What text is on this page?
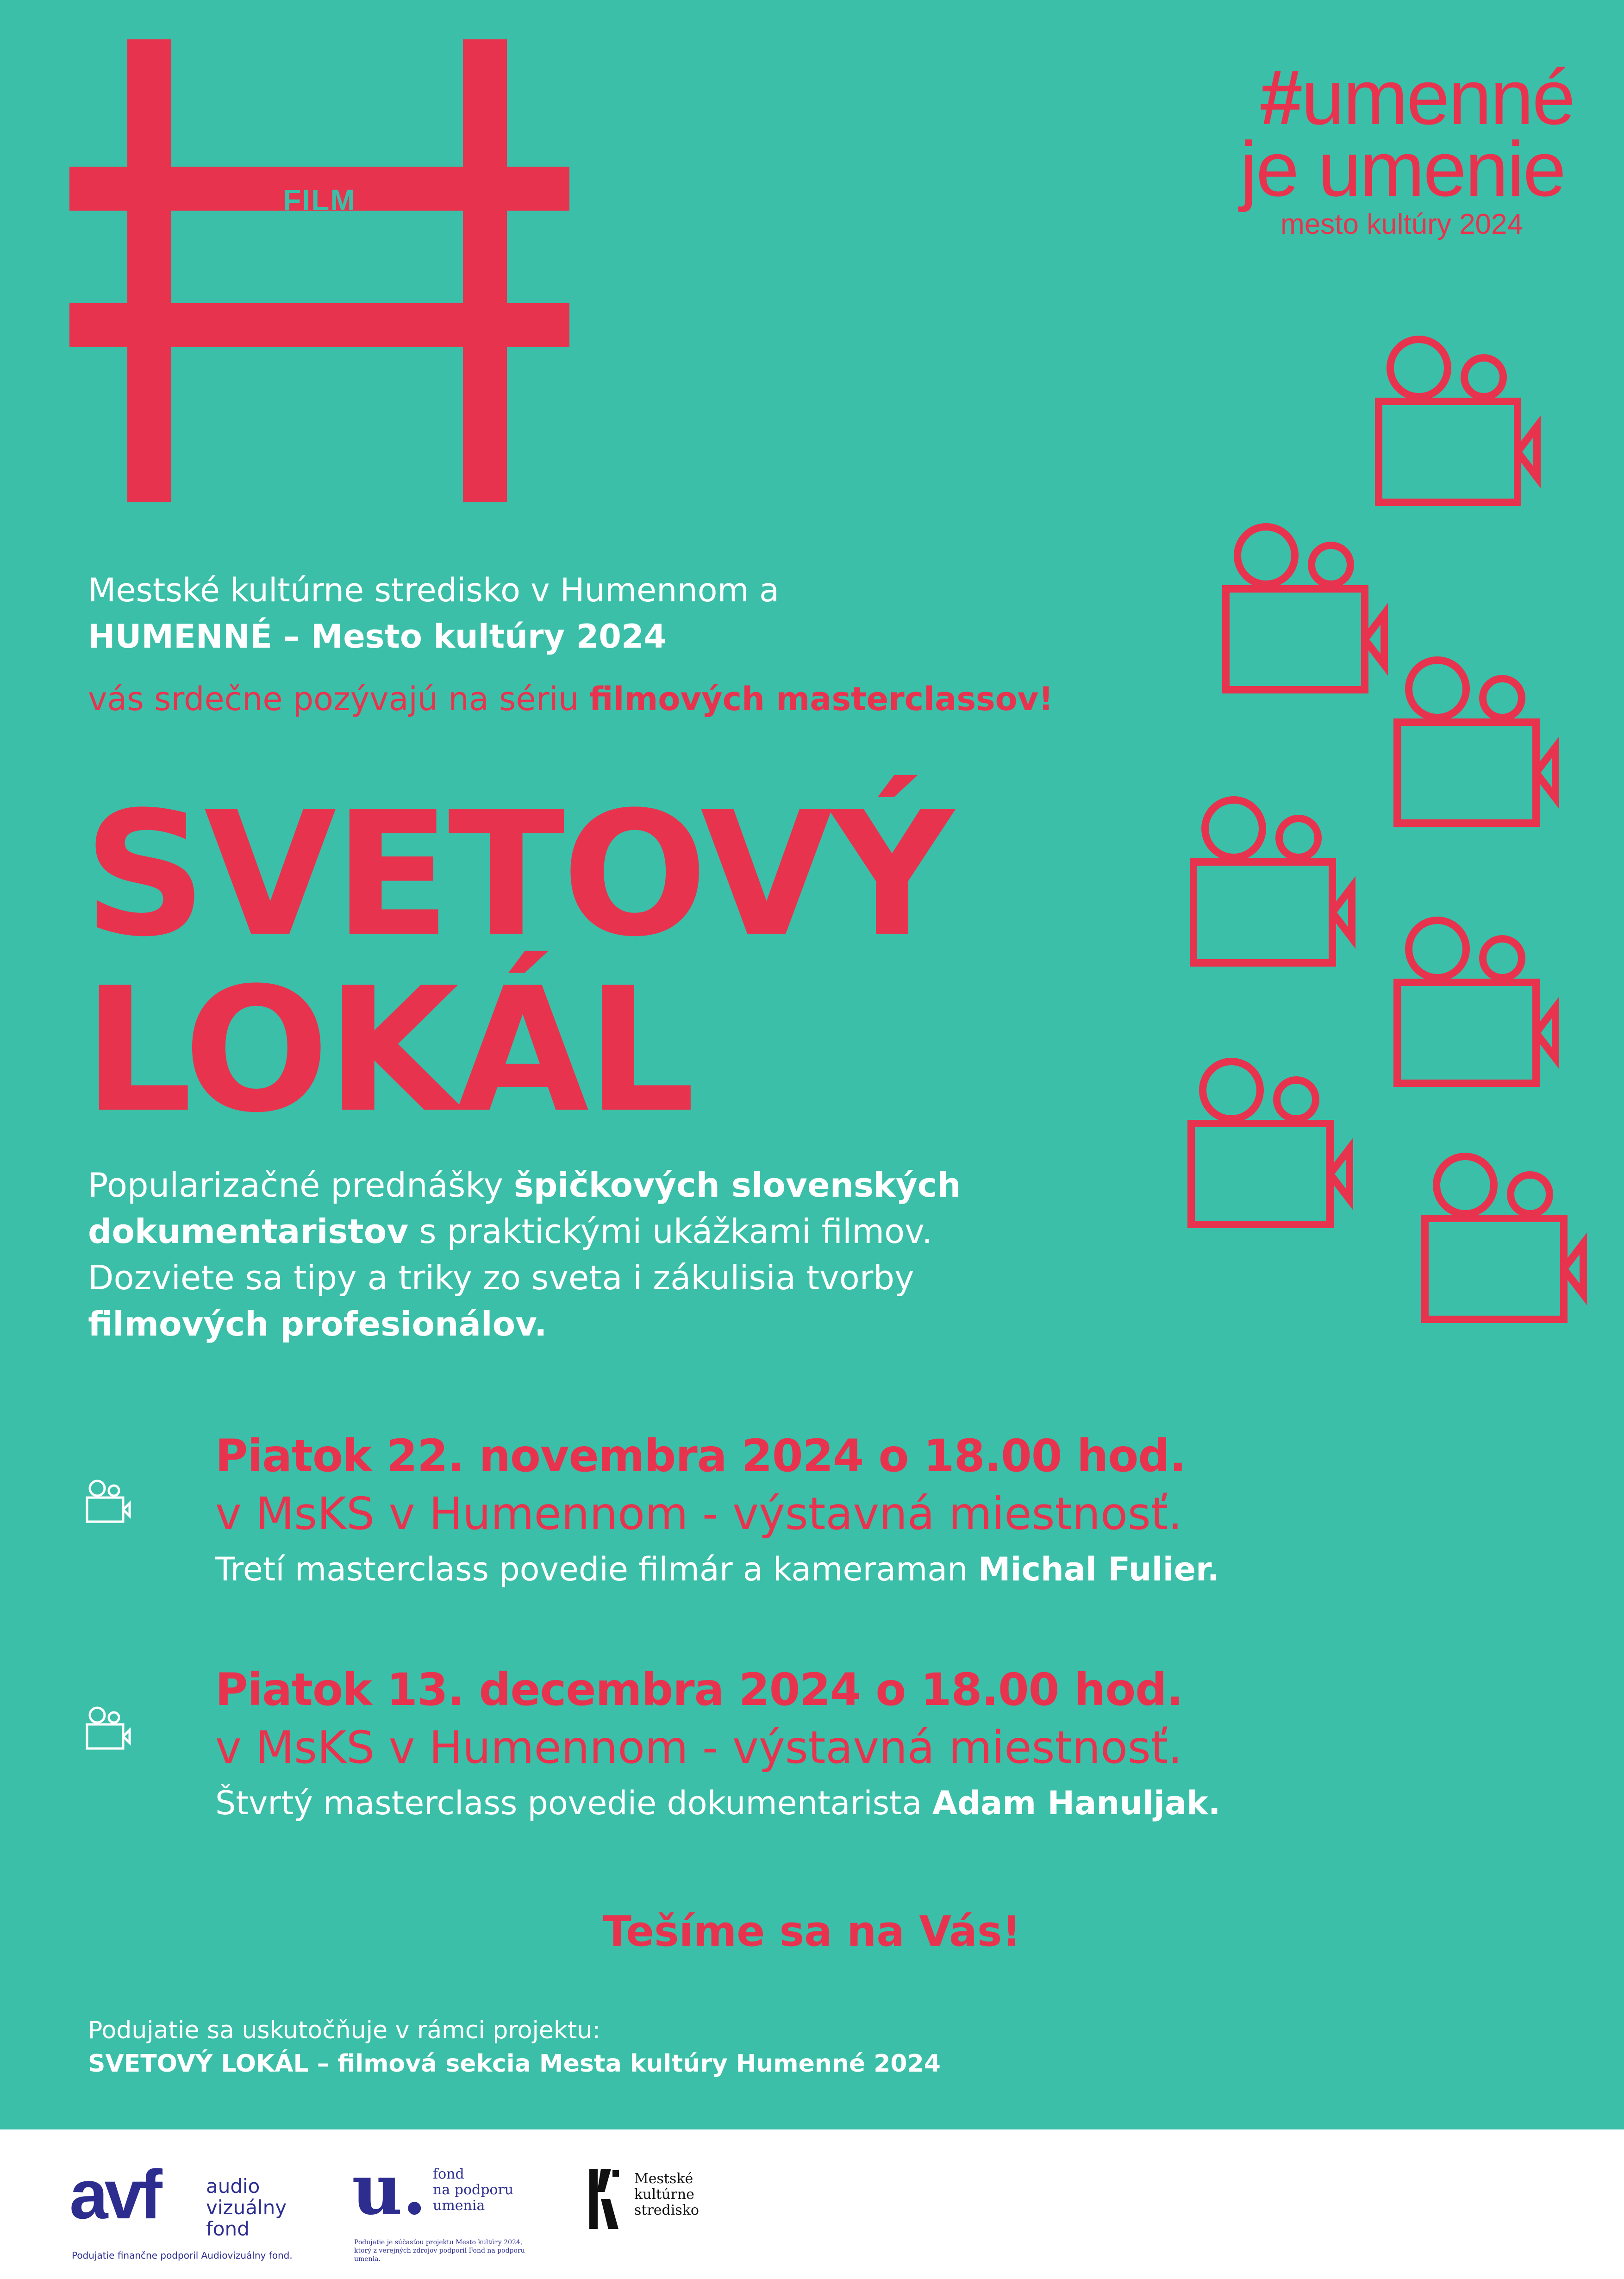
FILM
#umenné
je umenie
mesto kultúry 2024
Mestské kultúrne stredisko v Humennom a
HUMENNÉ – Mesto kultúry 2024
vás srdečne pozývajú na sériu filmových masterclassov!
SVETOVÝ
LOKÁL
Popularizačné prednášky špičkových slovenských
dokumentaristov s praktickými ukážkami filmov.
Dozviete sa tipy a triky zo sveta i zákulisia tvorby
filmových profesionálov.
Piatok 22. novembra 2024 o 18.00 hod.
v MsKS v Humennom - výstavná miestnosť.
Tretí masterclass povedie filmár a kameraman Michal Fulier.
Piatok 13. decembra 2024 o 18.00 hod.
v MsKS v Humennom - výstavná miestnosť.
Štvrtý masterclass povedie dokumentarista Adam Hanuljak.
Tešíme sa na Vás!
Podujatie sa uskutočňuje v rámci projektu:
SVETOVÝ LOKÁL – filmová sekcia Mesta kultúry Humenné 2024
avf audio
vizuálny
fond
Podujatie finančne podporil Audiovizuálny fond.
u. fond
na podporu
umenia
Podujatie je súčasťou projektu Mesto kultúry 2024, ktorý z verejných zdrojov podporil Fond na podporu umenia.
Mestské
kultúrne
stredisko
